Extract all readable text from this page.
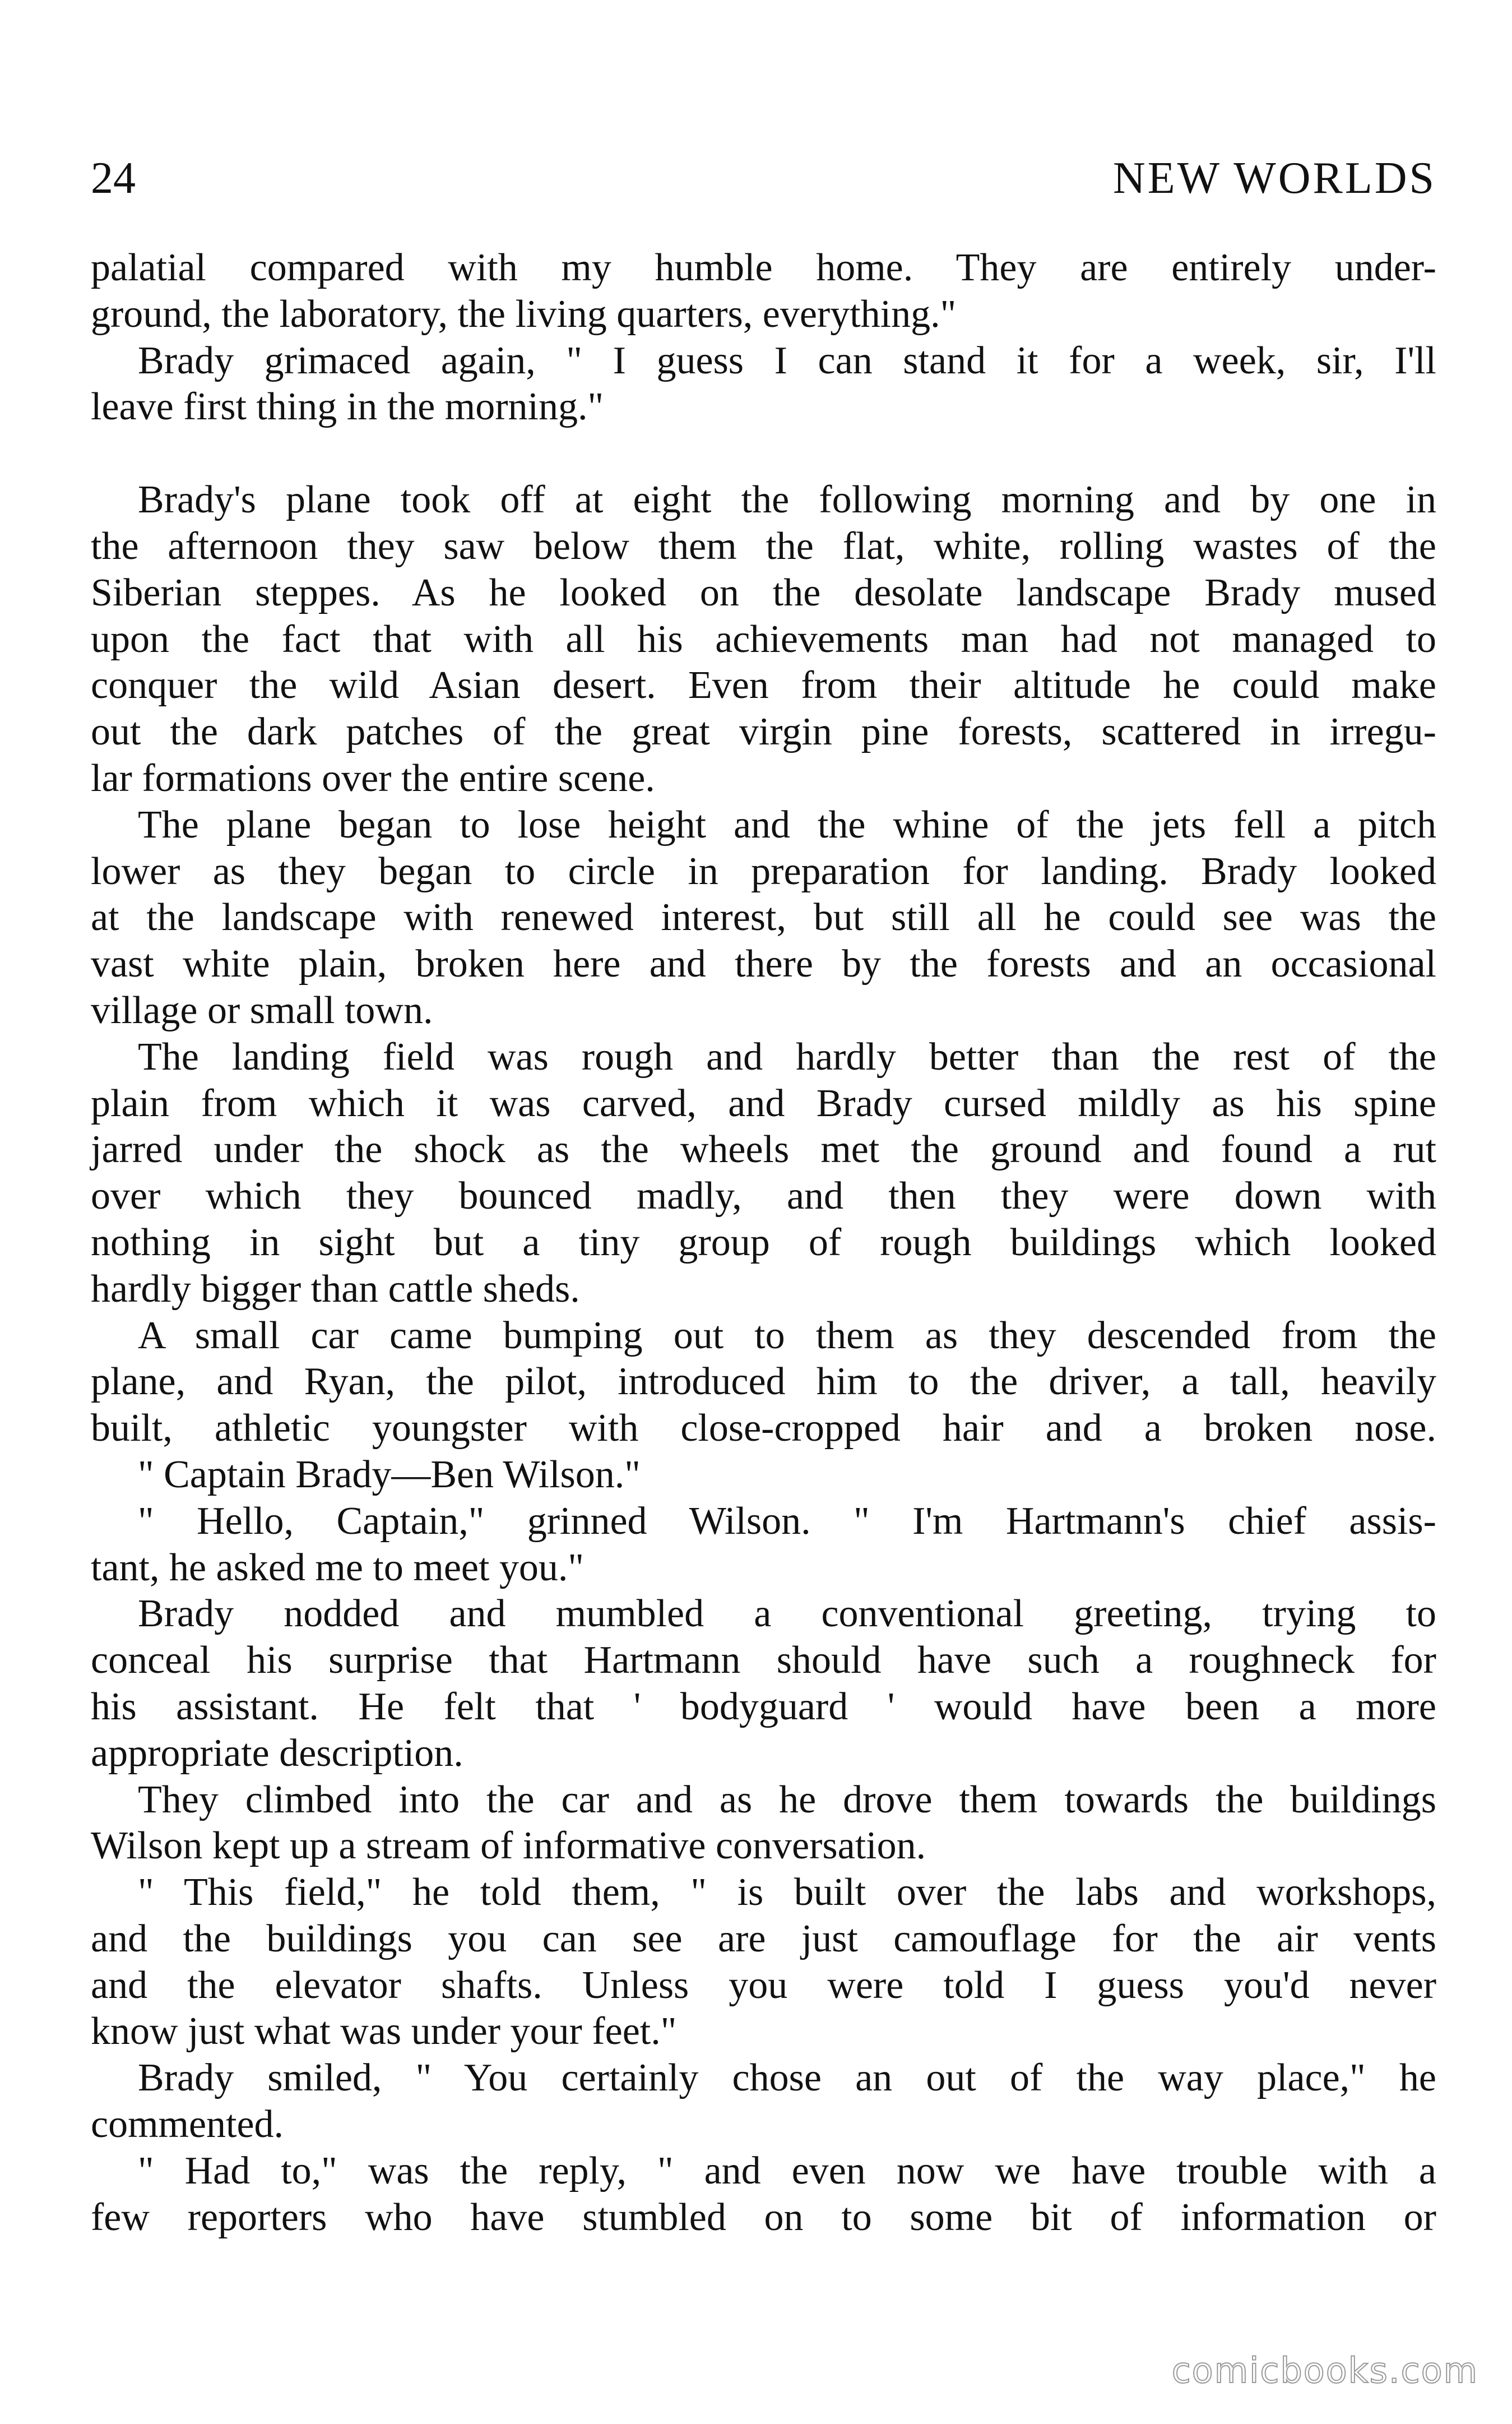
24	NEW WORLDS
palatial compared with my humble home. They are entirely under-
ground, the laboratory, the living quarters, everything."
Brady grimaced again, " I guess I can stand it for a week, sir, I'll
leave first thing in the morning."
Brady's plane took off at eight the following morning and by one in
the afternoon they saw below them the flat, white, rolling wastes of the
Siberian steppes. As he looked on the desolate landscape Brady mused
upon the fact that with all his achievements man had not managed to
conquer the wild Asian desert. Even from their altitude he could make
out the dark patches of the great virgin pine forests, scattered in irregu-
lar formations over the entire scene.
The plane began to lose height and the whine of the jets fell a pitch
lower as they began to circle in preparation for landing. Brady looked
at the landscape with renewed interest, but still all he could see was the
vast white plain, broken here and there by the forests and an occasional
village or small town.
The landing field was rough and hardly better than the rest of the
plain from which it was carved, and Brady cursed mildly as his spine
jarred under the shock as the wheels met the ground and found a rut
over which they bounced madly, and then they were down with
nothing in sight but a tiny group of rough buildings which looked
hardly bigger than cattle sheds.
A small car came bumping out to them as they descended from the
plane, and Ryan, the pilot, introduced him to the driver, a tall, heavily
built, athletic youngster with close-cropped hair and a broken nose.
" Captain Brady—Ben Wilson."
" Hello, Captain," grinned Wilson. " I'm Hartmann's chief assis-
tant, he asked me to meet you."
Brady nodded and mumbled a conventional greeting, trying to
conceal his surprise that Hartmann should have such a roughneck for
his assistant. He felt that ' bodyguard ' would have been a more
appropriate description.
They climbed into the car and as he drove them towards the buildings
Wilson kept up a stream of informative conversation.
" This field," he told them, " is built over the labs and workshops,
and the buildings you can see are just camouflage for the air vents
and the elevator shafts. Unless you were told I guess you'd never
know just what was under your feet."
Brady smiled, " You certainly chose an out of the way place," he
commented.
" Had to," was the reply, " and even now we have trouble with a
few reporters who have stumbled on to some bit of information or
comicbooks.com
